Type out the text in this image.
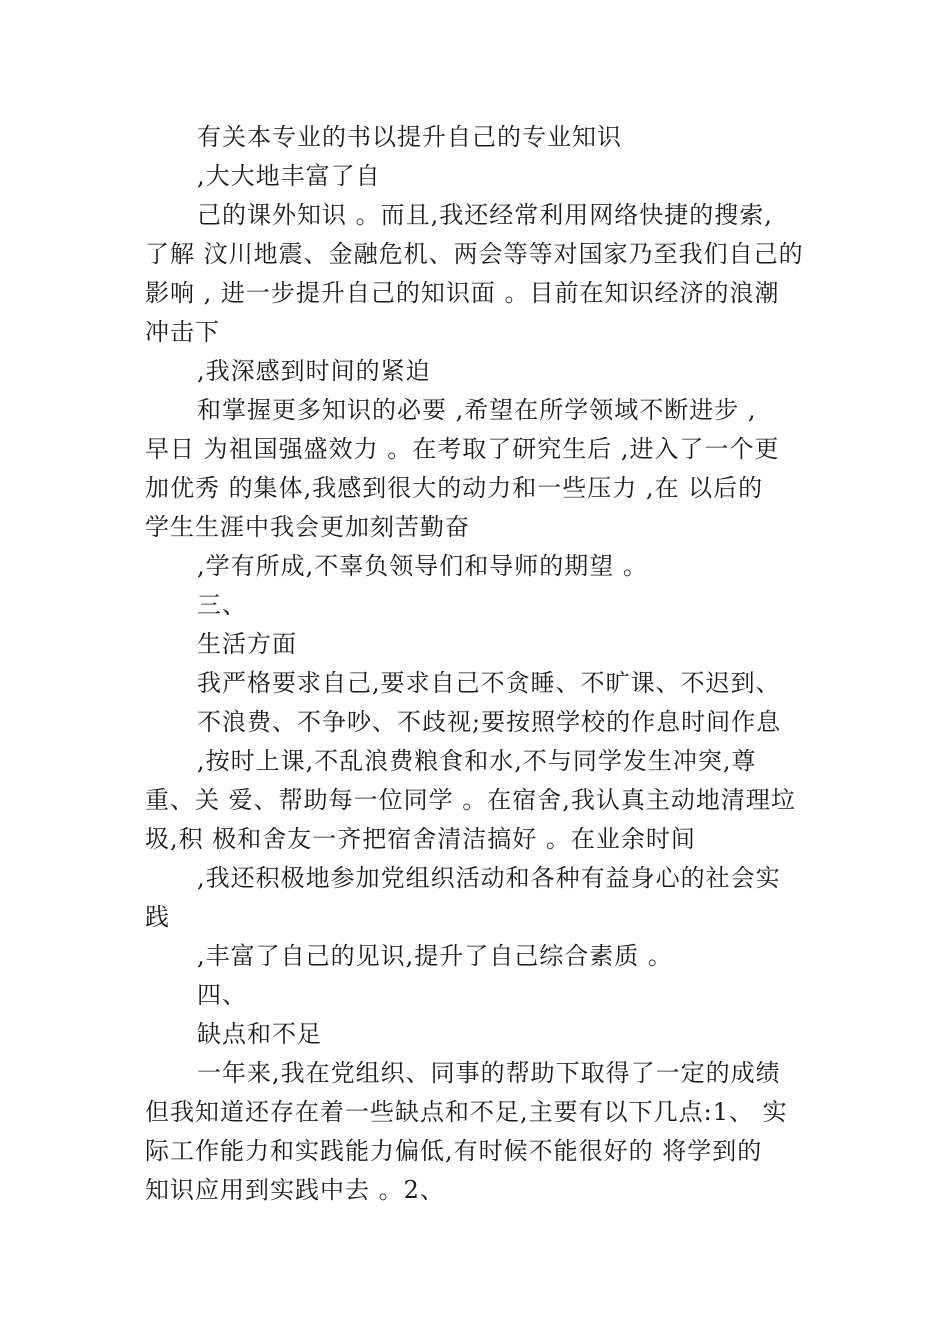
有关本专业的书以提升自己的专业知识
,大大地丰富了自
己的课外知识 。而且,我还经常利用网络快捷的搜索,
了解 汶川地震、金融危机、两会等等对国家乃至我们自己的
影响 , 进一步提升自己的知识面 。目前在知识经济的浪潮
冲击下
,我深感到时间的紧迫
和掌握更多知识的必要 ,希望在所学领域不断进步 ,
早日 为祖国强盛效力 。在考取了研究生后 ,进入了一个更
加优秀 的集体,我感到很大的动力和一些压力 ,在 以后的
学生生涯中我会更加刻苦勤奋
,学有所成,不辜负领导们和导师的期望 。
三、
生活方面
我严格要求自己,要求自己不贪睡、不旷课、不迟到、
不浪费、不争吵、不歧视;要按照学校的作息时间作息
,按时上课,不乱浪费粮食和水,不与同学发生冲突,尊
重、关 爱、帮助每一位同学 。在宿舍,我认真主动地清理垃
圾,积 极和舍友一齐把宿舍清洁搞好 。在业余时间
,我还积极地参加党组织活动和各种有益身心的社会实
践
,丰富了自己的见识,提升了自己综合素质 。
四、
缺点和不足
一年来,我在党组织、同事的帮助下取得了一定的成绩
但我知道还存在着一些缺点和不足,主要有以下几点:1、 实
际工作能力和实践能力偏低,有时候不能很好的 将学到的
知识应用到实践中去 。2、
